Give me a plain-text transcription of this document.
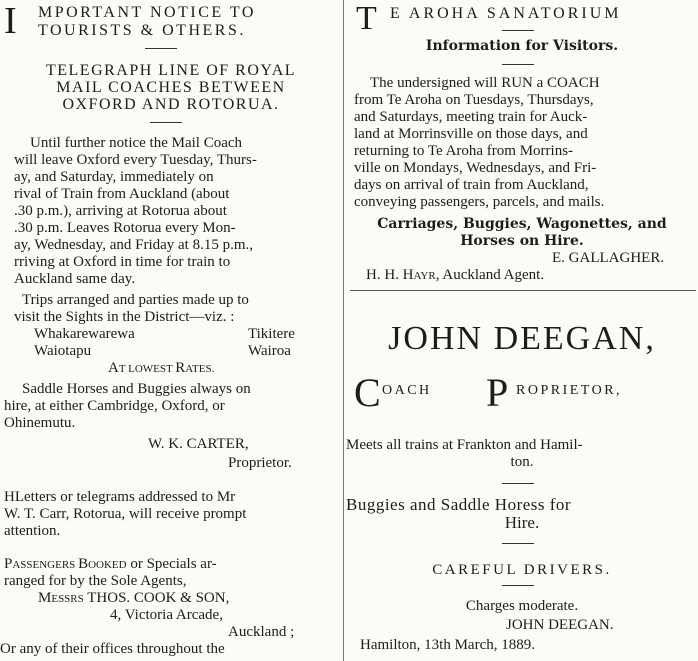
I MPORTANT NOTICE TO
TOURISTS & OTHERS.
TELEGRAPH LINE OF ROYAL
MAIL COACHES BETWEEN
OXFORD AND ROTORUA.
Until further notice the Mail Coach
will leave Oxford every Tuesday, Thurs-
ay, and Saturday, immediately on
rival of Train from Auckland (about
.30 p.m.), arriving at Rotorua about
.30 p.m. Leaves Rotorua every Mon-
ay, Wednesday, and Friday at 8.15 p.m.,
rriving at Oxford in time for train to
Auckland same day.
Trips arranged and parties made up to
visit the Sights in the District—viz. :
Whakarewarewa	Tikitere
Waiotapu	Wairoa
AT LOWEST RATES.
Saddle Horses and Buggies always on
hire, at either Cambridge, Oxford, or
Ohinemutu.
W. K. CARTER,
Proprietor.
HLetters or telegrams addressed to Mr
W. T. Carr, Rotorua, will receive prompt
attention.
PASSENGERS BOOKED or Specials ar-
ranged for by the Sole Agents,
MESSRS THOS. COOK & SON,
4, Victoria Arcade,
Auckland ;
Or any of their offices throughout the
T E AROHA SANATORIUM
Information for Visitors.
The undersigned will RUN a COACH
from Te Aroha on Tuesdays, Thursdays,
and Saturdays, meeting train for Auck-
land at Morrinsville on those days, and
returning to Te Aroha from Morrins-
ville on Mondays, Wednesdays, and Fri-
days on arrival of train from Auckland,
conveying passengers, parcels, and mails.
Carriages, Buggies, Wagonettes, and
Horses on Hire.
E. GALLAGHER.
H. H. HAYR, Auckland Agent.
JOHN DEEGAN,
C OACH P ROPRIETOR,
Meets all trains at Frankton and Hamil-
ton.
Buggies and Saddle Horess for
Hire.
CAREFUL DRIVERS.
Charges moderate.
JOHN DEEGAN.
Hamilton, 13th March, 1889.
